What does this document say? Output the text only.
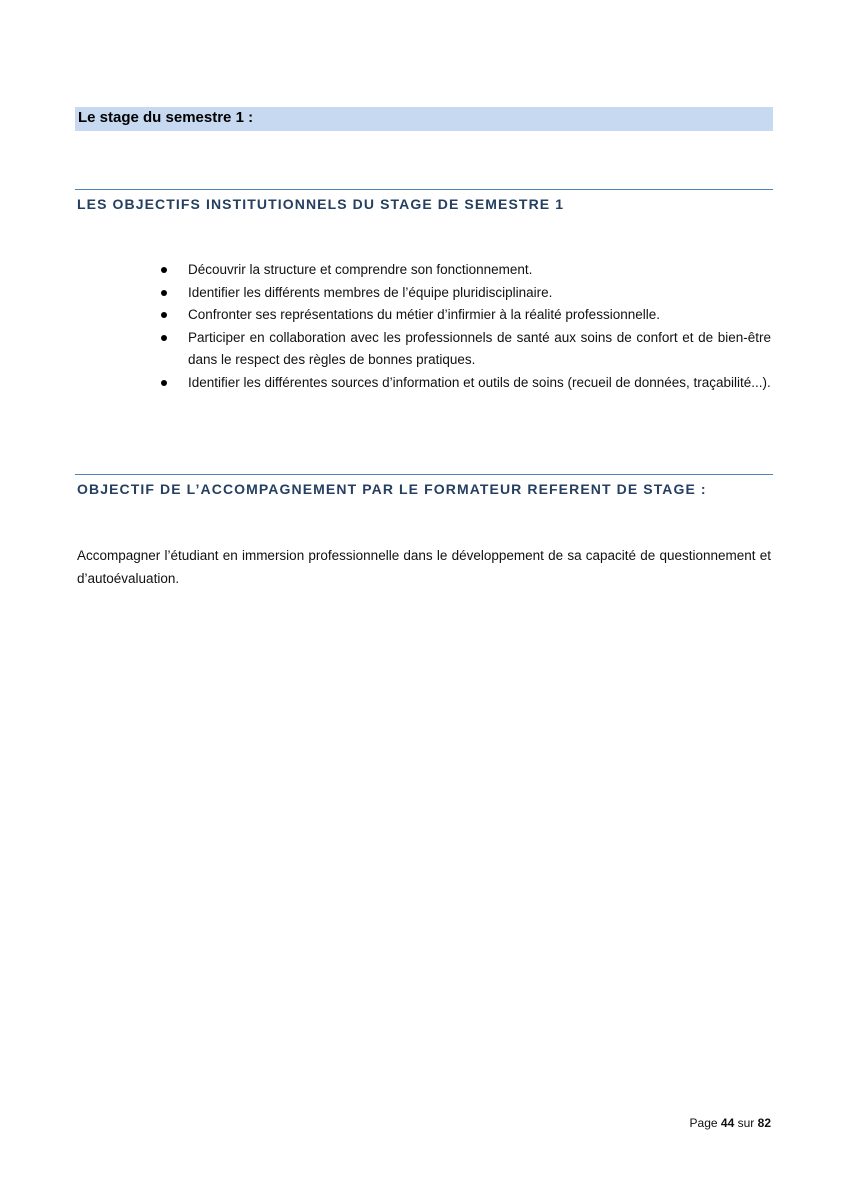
Le stage du semestre 1 :
LES OBJECTIFS INSTITUTIONNELS DU STAGE DE SEMESTRE 1
Découvrir la structure et comprendre son fonctionnement.
Identifier les différents membres de l’équipe pluridisciplinaire.
Confronter ses représentations du métier d’infirmier à la réalité professionnelle.
Participer en collaboration avec les professionnels de santé aux soins de confort et de bien-être dans le respect des règles de bonnes pratiques.
Identifier les différentes sources d’information et outils de soins (recueil de données, traçabilité...).
OBJECTIF DE L’ACCOMPAGNEMENT PAR LE FORMATEUR REFERENT DE STAGE :

Accompagner l’étudiant en immersion professionnelle dans le développement de sa capacité de questionnement et d’autoévaluation.

Page 44 sur 82
